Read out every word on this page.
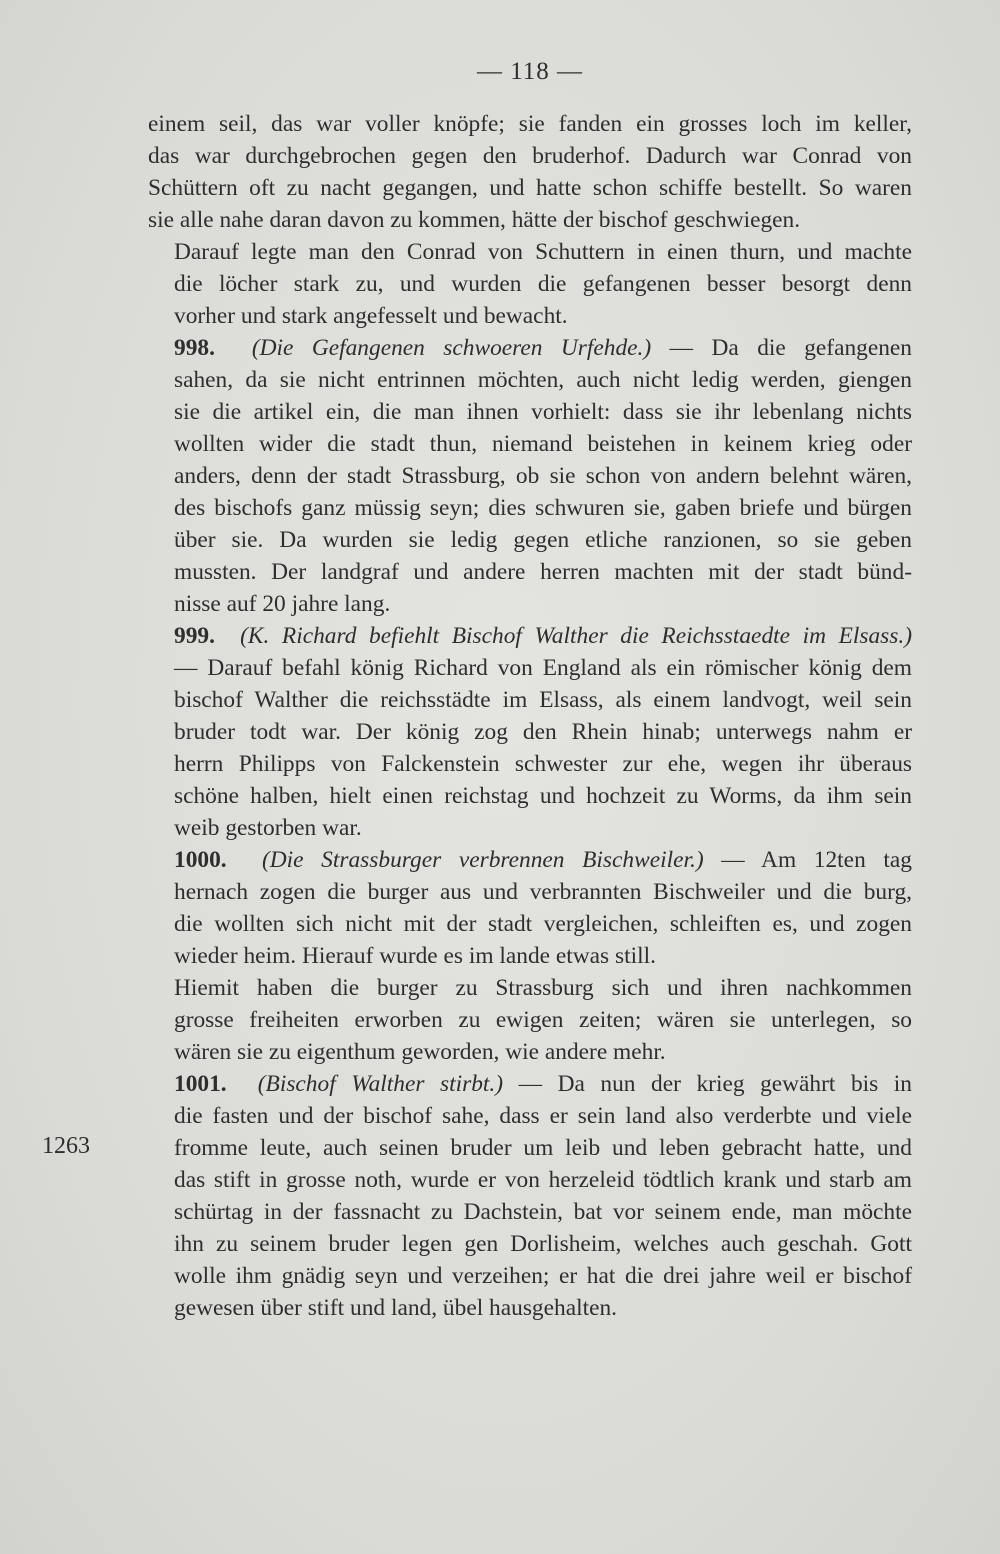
— 118 —
1263

einem seil, das war voller knöpfe; sie fanden ein grosses loch im keller,
das war durchgebrochen gegen den bruderhof. Dadurch war Conrad von
Schüttern oft zu nacht gegangen, und hatte schon schiffe bestellt. So waren
sie alle nahe daran davon zu kommen, hätte der bischof geschwiegen.

Darauf legte man den Conrad von Schuttern in einen thurn, und machte
die löcher stark zu, und wurden die gefangenen besser besorgt denn
vorher und stark angefesselt und bewacht.

998. (Die Gefangenen schwoeren Urfehde.) — Da die gefangenen
sahen, da sie nicht entrinnen möchten, auch nicht ledig werden, giengen
sie die artikel ein, die man ihnen vorhielt: dass sie ihr lebenlang nichts
wollten wider die stadt thun, niemand beistehen in keinem krieg oder
anders, denn der stadt Strassburg, ob sie schon von andern belehnt wären,
des bischofs ganz müssig seyn; dies schwuren sie, gaben briefe und bürgen
über sie. Da wurden sie ledig gegen etliche ranzionen, so sie geben
mussten. Der landgraf und andere herren machten mit der stadt bünd-
nisse auf 20 jahre lang.

999. (K. Richard befiehlt Bischof Walther die Reichsstaedte im Elsass.)
— Darauf befahl könig Richard von England als ein römischer könig dem
bischof Walther die reichsstädte im Elsass, als einem landvogt, weil sein
bruder todt war. Der könig zog den Rhein hinab; unterwegs nahm er
herrn Philipps von Falckenstein schwester zur ehe, wegen ihr überaus
schöne halben, hielt einen reichstag und hochzeit zu Worms, da ihm sein
weib gestorben war.

1000. (Die Strassburger verbrennen Bischweiler.) — Am 12ten tag
hernach zogen die burger aus und verbrannten Bischweiler und die burg,
die wollten sich nicht mit der stadt vergleichen, schleiften es, und zogen
wieder heim. Hierauf wurde es im lande etwas still.

Hiemit haben die burger zu Strassburg sich und ihren nachkommen
grosse freiheiten erworben zu ewigen zeiten; wären sie unterlegen, so
wären sie zu eigenthum geworden, wie andere mehr.

1001. (Bischof Walther stirbt.) — Da nun der krieg gewährt bis in
die fasten und der bischof sahe, dass er sein land also verderbte und viele
fromme leute, auch seinen bruder um leib und leben gebracht hatte, und
das stift in grosse noth, wurde er von herzeleid tödtlich krank und starb am
schürtag in der fassnacht zu Dachstein, bat vor seinem ende, man möchte
ihn zu seinem bruder legen gen Dorlisheim, welches auch geschah. Gott
wolle ihm gnädig seyn und verzeihen; er hat die drei jahre weil er bischof
gewesen über stift und land, übel hausgehalten.
